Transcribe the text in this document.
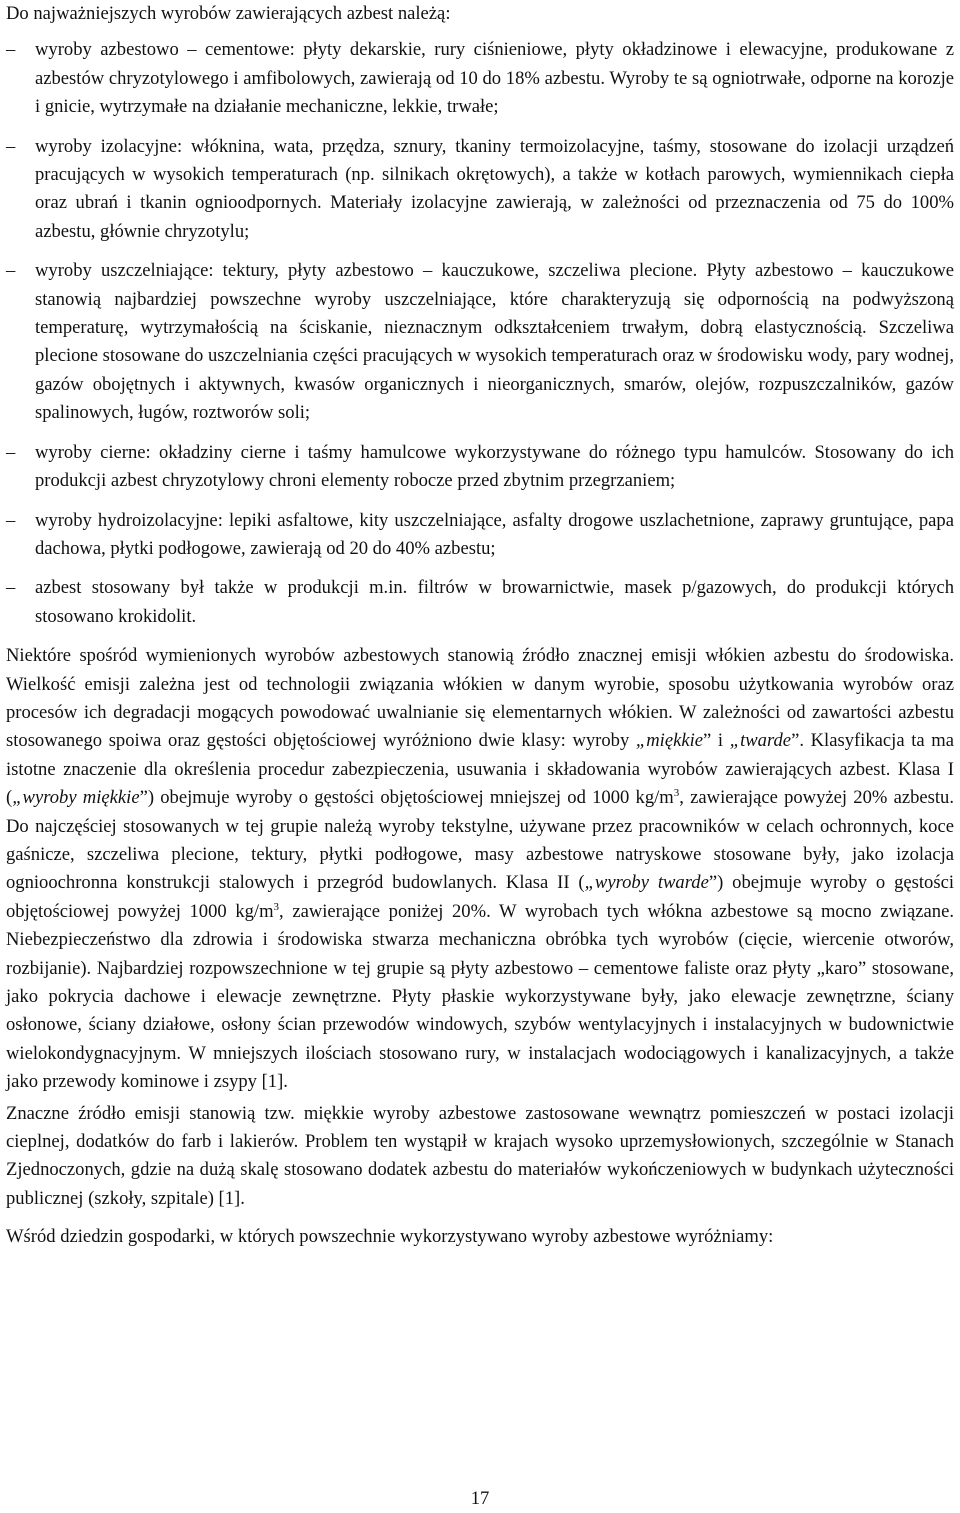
Do najważniejszych wyrobów zawierających azbest należą:

– wyroby azbestowo – cementowe: płyty dekarskie, rury ciśnieniowe, płyty okładzinowe i elewacyjne, produkowane z azbestów chryzotylowego i amfibolowych, zawierają od 10 do 18% azbestu. Wyroby te są ogniotrwałe, odporne na korozje i gnicie, wytrzymałe na działanie mechaniczne, lekkie, trwałe;
– wyroby izolacyjne: włóknina, wata, przędza, sznury, tkaniny termoizolacyjne, taśmy, stosowane do izolacji urządzeń pracujących w wysokich temperaturach (np. silnikach okrętowych), a także w kotłach parowych, wymiennikach ciepła oraz ubrań i tkanin ognioodpornych. Materiały izolacyjne zawierają, w zależności od przeznaczenia od 75 do 100% azbestu, głównie chryzotylu;
– wyroby uszczelniające: tektury, płyty azbestowo – kauczukowe, szczeliwa plecione. Płyty azbestowo – kauczukowe stanowią najbardziej powszechne wyroby uszczelniające, które charakteryzują się odpornością na podwyższoną temperaturę, wytrzymałością na ściskanie, nieznacznym odkształceniem trwałym, dobrą elastycznością. Szczeliwa plecione stosowane do uszczelniania części pracujących w wysokich temperaturach oraz w środowisku wody, pary wodnej, gazów obojętnych i aktywnych, kwasów organicznych i nieorganicznych, smarów, olejów, rozpuszczalników, gazów spalinowych, ługów, roztworów soli;
– wyroby cierne: okładziny cierne i taśmy hamulcowe wykorzystywane do różnego typu hamulców. Stosowany do ich produkcji azbest chryzotylowy chroni elementy robocze przed zbytnim przegrzaniem;
– wyroby hydroizolacyjne: lepiki asfaltowe, kity uszczelniające, asfalty drogowe uszlachetnione, zaprawy gruntujące, papa dachowa, płytki podłogowe, zawierają od 20 do 40% azbestu;
– azbest stosowany był także w produkcji m.in. filtrów w browarnictwie, masek p/gazowych, do produkcji których stosowano krokidolit.

Niektóre spośród wymienionych wyrobów azbestowych stanowią źródło znacznej emisji włókien azbestu do środowiska. Wielkość emisji zależna jest od technologii związania włókien w danym wyrobie, sposobu użytkowania wyrobów oraz procesów ich degradacji mogących powodować uwalnianie się elementarnych włókien. W zależności od zawartości azbestu stosowanego spoiwa oraz gęstości objętościowej wyróżniono dwie klasy: wyroby „miękkie” i „twarde”. Klasyfikacja ta ma istotne znaczenie dla określenia procedur zabezpieczenia, usuwania i składowania wyrobów zawierających azbest. Klasa I („wyroby miękkie”) obejmuje wyroby o gęstości objętościowej mniejszej od 1000 $kg/m^3$, zawierające powyżej 20% azbestu. Do najczęściej stosowanych w tej grupie należą wyroby tekstylne, używane przez pracowników w celach ochronnych, koce gaśnicze, szczeliwa plecione, tektury, płytki podłogowe, masy azbestowe natryskowe stosowane były, jako izolacja ognioochronna konstrukcji stalowych i przegród budowlanych. Klasa II („wyroby twarde”) obejmuje wyroby o gęstości objętościowej powyżej 1000 $kg/m^3$, zawierające poniżej 20%. W wyrobach tych włókna azbestowe są mocno związane. Niebezpieczeństwo dla zdrowia i środowiska stwarza mechaniczna obróbka tych wyrobów (cięcie, wiercenie otworów, rozbijanie). Najbardziej rozpowszechnione w tej grupie są płyty azbestowo – cementowe faliste oraz płyty „karo” stosowane, jako pokrycia dachowe i elewacje zewnętrzne. Płyty płaskie wykorzystywane były, jako elewacje zewnętrzne, ściany osłonowe, ściany działowe, osłony ścian przewodów windowych, szybów wentylacyjnych i instalacyjnych w budownictwie wielokondygnacyjnym. W mniejszych ilościach stosowano rury, w instalacjach wodociągowych i kanalizacyjnych, a także jako przewody kominowe i zsypy [1].

Znaczne źródło emisji stanowią tzw. miękkie wyroby azbestowe zastosowane wewnątrz pomieszczeń w postaci izolacji cieplnej, dodatków do farb i lakierów. Problem ten wystąpił w krajach wysoko uprzemysłowionych, szczególnie w Stanach Zjednoczonych, gdzie na dużą skalę stosowano dodatek azbestu do materiałów wykończeniowych w budynkach użyteczności publicznej (szkoły, szpitale) [1].

Wśród dziedzin gospodarki, w których powszechnie wykorzystywano wyroby azbestowe wyróżniamy:

17
